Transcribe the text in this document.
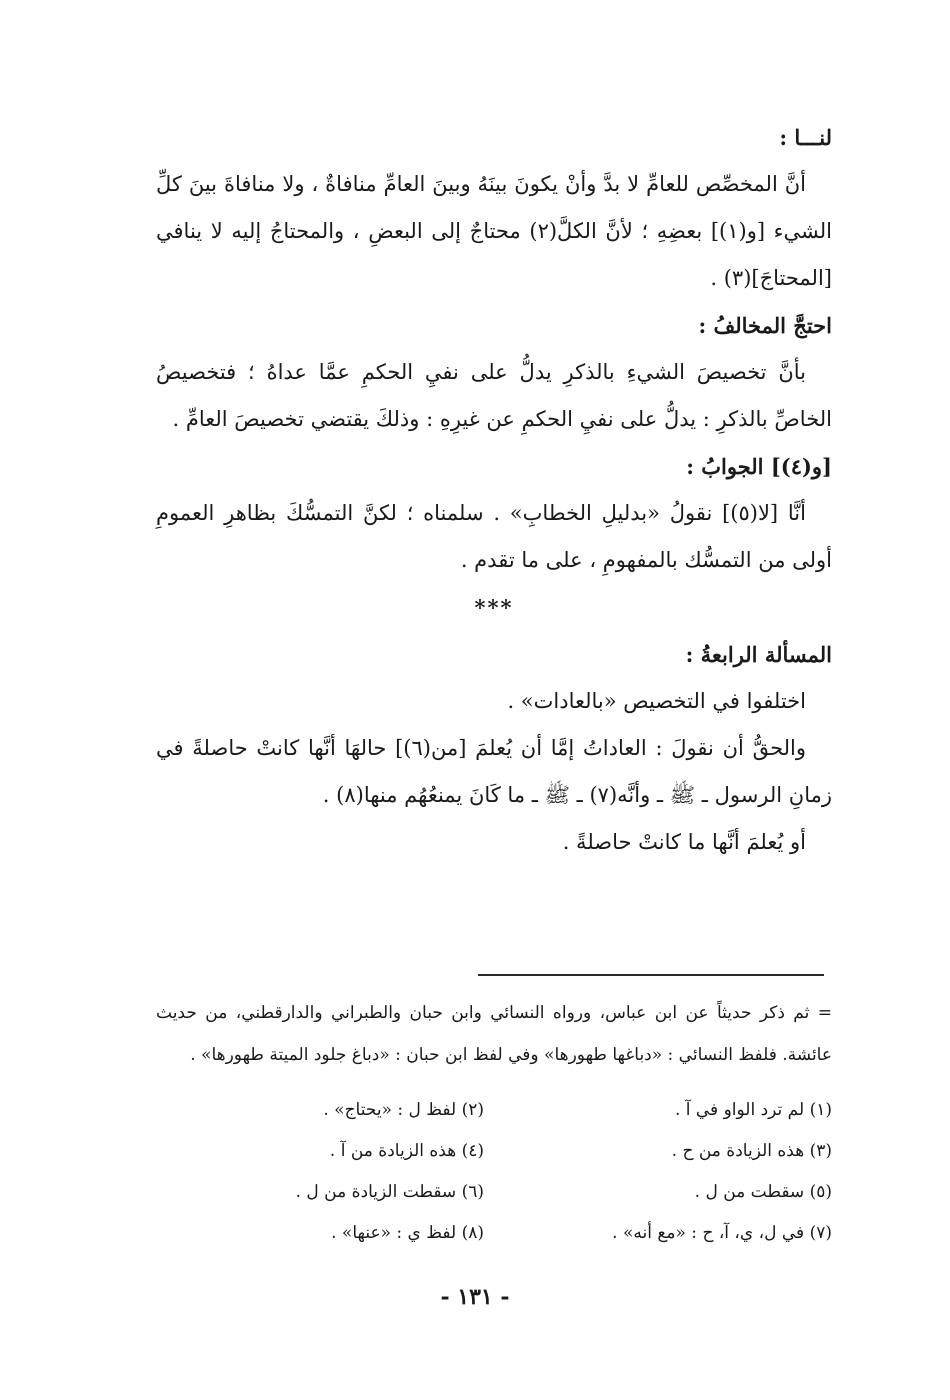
لنـــا :

أنَّ المخصِّص للعامِّ لا بدَّ وأنْ يكونَ بينَهُ وبينَ العامِّ منافاةٌ ، ولا منافاةَ بينَ كلِّ الشيء [و(١)] بعضِهِ ؛ لأنَّ الكلَّ(٢) محتاجٌ إلى البعضِ ، والمحتاجُ إليه لا ينافي [المحتاجَ](٣) .

احتجَّ المخالفُ :

بأنَّ تخصيصَ الشيءِ بالذكرِ يدلُّ على نفيِ الحكمِ عمَّا عداهُ ؛ فتخصيصُ الخاصِّ بالذكرِ : يدلُّ على نفيِ الحكمِ عن غيرِهِ : وذلكَ يقتضي تخصيصَ العامِّ .

[و(٤)] الجوابُ :

أنَّا [لا(٥)] نقولُ «بدليلِ الخطابِ» . سلمناه ؛ لكنَّ التمسُّكَ بظاهرِ العمومِ أولى من التمسُّك بالمفهومِ ، على ما تقدم .

***

المسألة الرابعةُ :

اختلفوا في التخصيص «بالعادات» .

والحقُّ أن نقولَ : العاداتُ إمَّا أن يُعلمَ [من(٦)] حالهَا أنَّها كانتْ حاصلةً في زمانِ الرسول ـ ﷺ ـ وأنَّه(٧) ـ ﷺ ـ ما كَانَ يمنعُهُم منها(٨) .

أو يُعلمَ أنَّها ما كانتْ حاصلةً .

= ثم ذكر حديثاً عن ابن عباس، ورواه النسائي وابن حبان والطبراني والدارقطني، من حديث عائشة. فلفظ النسائي : «دباغها طهورها» وفي لفظ ابن حبان : «دباغ جلود الميتة طهورها» .

(١) لم ترد الواو في آ .

(٢) لفظ ل : «يحتاج» .

(٣) هذه الزيادة من ح .

(٤) هذه الزيادة من آ .

(٥) سقطت من ل .

(٦) سقطت الزيادة من ل .

(٧) في ل، ي، آ، ح : «مع أنه» .

(٨) لفظ ي : «عنها» .

- ١٣١ -
